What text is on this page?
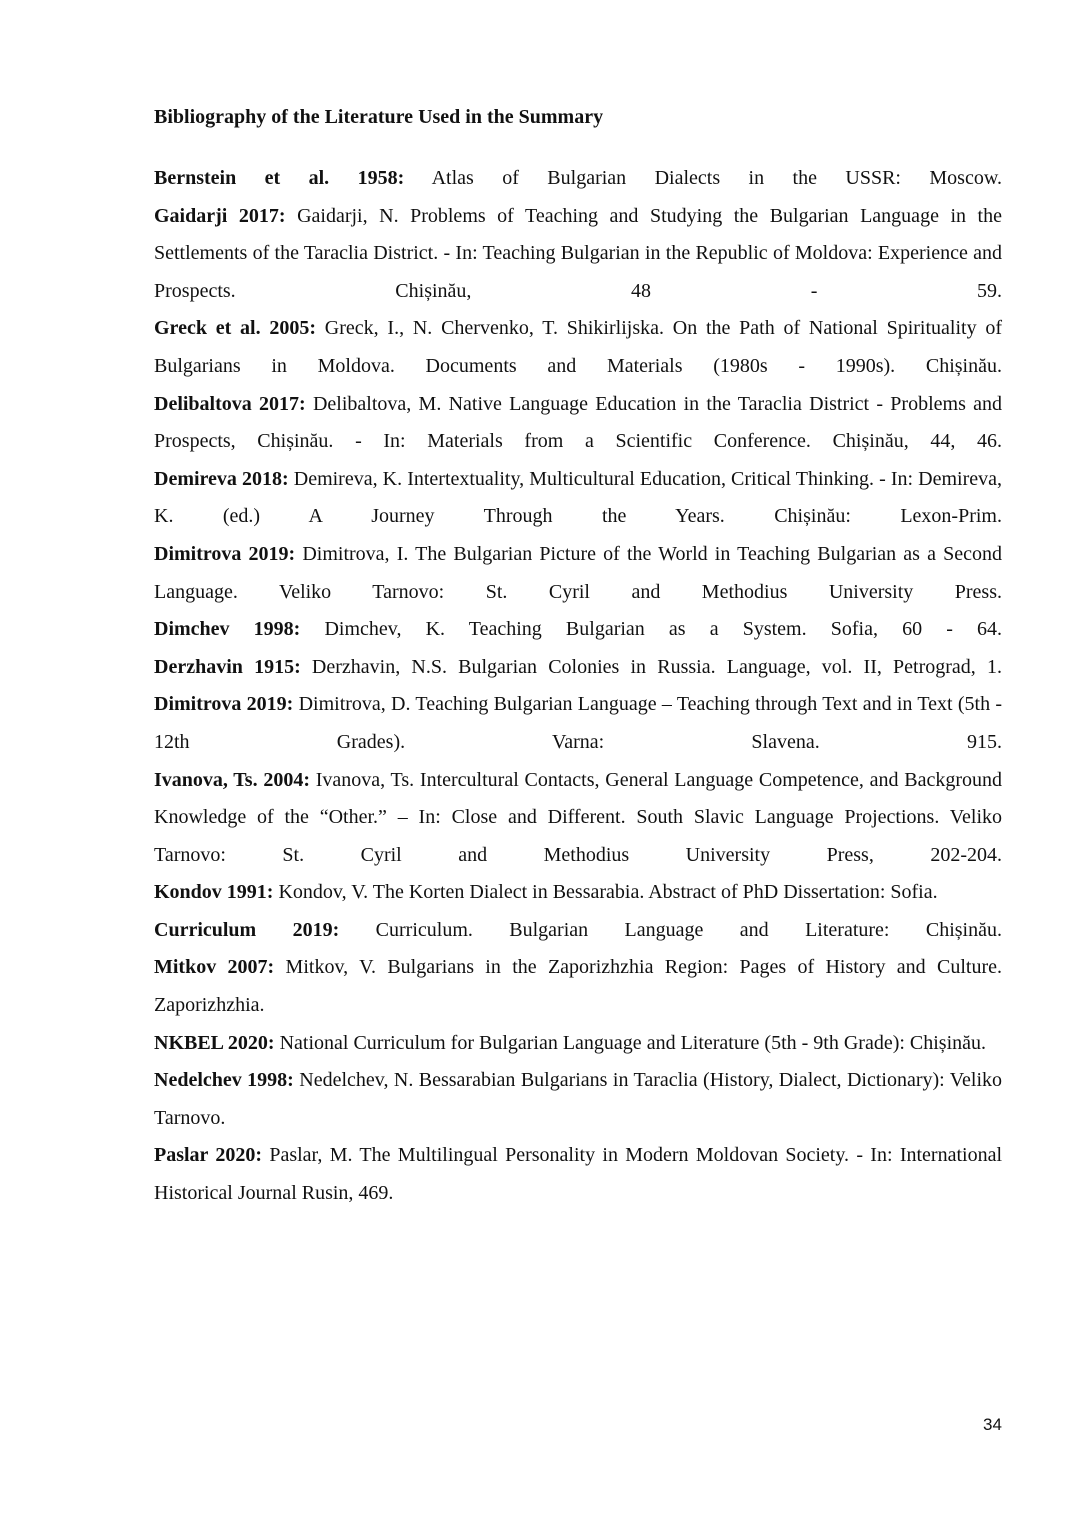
Bibliography of the Literature Used in the Summary
Bernstein et al. 1958: Atlas of Bulgarian Dialects in the USSR: Moscow.
Gaidarji 2017: Gaidarji, N. Problems of Teaching and Studying the Bulgarian Language in the Settlements of the Taraclia District. - In: Teaching Bulgarian in the Republic of Moldova: Experience and Prospects. Chișinău, 48 - 59.
Greck et al. 2005: Greck, I., N. Chervenko, T. Shikirlijska. On the Path of National Spirituality of Bulgarians in Moldova. Documents and Materials (1980s - 1990s). Chișinău.
Delibaltova 2017: Delibaltova, M. Native Language Education in the Taraclia District - Problems and Prospects, Chișinău. - In: Materials from a Scientific Conference. Chișinău, 44, 46.
Demireva 2018: Demireva, K. Intertextuality, Multicultural Education, Critical Thinking. - In: Demireva, K. (ed.) A Journey Through the Years. Chișinău: Lexon-Prim.
Dimitrova 2019: Dimitrova, I. The Bulgarian Picture of the World in Teaching Bulgarian as a Second Language. Veliko Tarnovo: St. Cyril and Methodius University Press.
Dimchev 1998: Dimchev, K. Teaching Bulgarian as a System. Sofia, 60 - 64.
Derzhavin 1915: Derzhavin, N.S. Bulgarian Colonies in Russia. Language, vol. II, Petrograd, 1.
Dimitrova 2019: Dimitrova, D. Teaching Bulgarian Language – Teaching through Text and in Text (5th - 12th Grades). Varna: Slavena. 915.
Ivanova, Ts. 2004: Ivanova, Ts. Intercultural Contacts, General Language Competence, and Background Knowledge of the “Other.” – In: Close and Different. South Slavic Language Projections. Veliko Tarnovo: St. Cyril and Methodius University Press, 202-204.
Kondov 1991: Kondov, V. The Korten Dialect in Bessarabia. Abstract of PhD Dissertation: Sofia.
Curriculum 2019: Curriculum. Bulgarian Language and Literature: Chișinău.
Mitkov 2007: Mitkov, V. Bulgarians in the Zaporizhzhia Region: Pages of History and Culture. Zaporizhzhia.
NKBEL 2020: National Curriculum for Bulgarian Language and Literature (5th - 9th Grade): Chișinău.
Nedelchev 1998: Nedelchev, N. Bessarabian Bulgarians in Taraclia (History, Dialect, Dictionary): Veliko Tarnovo.
Paslar 2020: Paslar, M. The Multilingual Personality in Modern Moldovan Society. - In: International Historical Journal Rusin, 469.
34
